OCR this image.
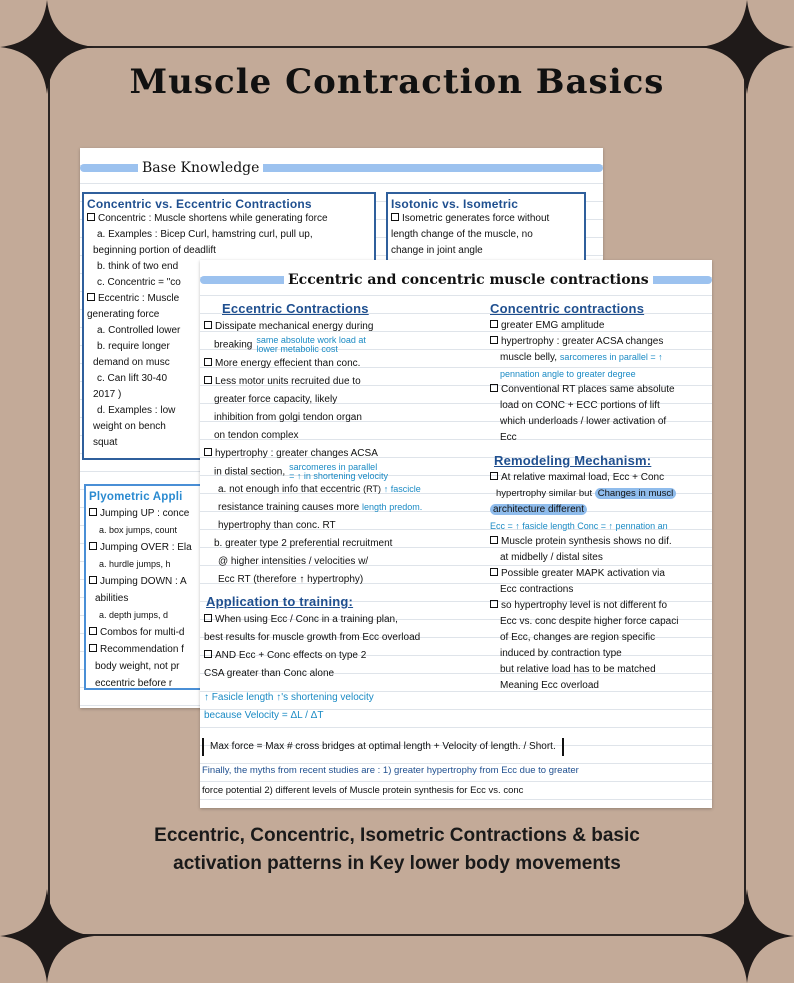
Muscle Contraction Basics
Base Knowledge
Concentric vs. Eccentric Contractions
Concentric : Muscle shortens while generating force
a. Examples : Bicep Curl, hamstring curl, pull up,
beginning portion of deadlift
b. think of two end
c. Concentric = "co
Eccentric : Muscle
generating force
a. Controlled lower
b. require longer
demand on musc
c. Can lift 30-40
2017 )
d. Examples : low
weight on bench
squat
Isotonic vs. Isometric
Isometric generates force without
length change of the muscle, no
change in joint angle
Plyometric Appli
Jumping UP : conce
a. box jumps, count
Jumping OVER : Ela
a. hurdle jumps, h
Jumping DOWN : A
abilities
a. depth jumps, d
Combos for multi-d
Recommendation f
body weight, not pr
eccentric before r
Eccentric and concentric muscle contractions
Eccentric Contractions
Dissipate mechanical energy during
breaking same absolute work load at
lower metabolic cost
More energy effecient than conc.
Less motor units recruited due to
greater force capacity, likely
inhibition from golgi tendon organ
on tendon complex
hypertrophy : greater changes ACSA
in distal section, sarcomeres in parallel
= ↑ in shortening velocity
a. not enough info that eccentric (RT) ↑ fascicle
resistance training causes more length predom.
hypertrophy than conc. RT
b. greater type 2 preferential recruitment
@ higher intensities / velocities w/
Ecc RT (therefore ↑ hypertrophy)
Application to training:
When using Ecc / Conc in a training plan,
best results for muscle growth from Ecc overload
AND Ecc + Conc effects on type 2
CSA greater than Conc alone
↑ Fasicle length ↑'s shortening velocity
because Velocity = ΔL / ΔT
Concentric contractions
greater EMG amplitude
hypertrophy : greater ACSA changes
muscle belly, sarcomeres in parallel = ↑
pennation angle to greater degree
Conventional RT places same absolute
load on CONC + ECC portions of lift
which underloads / lower activation of
Ecc
Remodeling Mechanism:
At relative maximal load, Ecc + Conc
hypertrophy similar but Changes in muscl
architecture different
Ecc = ↑ fasicle length Conc = ↑ pennation an
Muscle protein synthesis shows no dif.
at midbelly / distal sites
Possible greater MAPK activation via
Ecc contractions
so hypertrophy level is not different fo
Ecc vs. conc despite higher force capaci
of Ecc, changes are region specific
induced by contraction type
but relative load has to be matched
Meaning Ecc overload
Max force = Max # cross bridges at optimal length + Velocity of length. / Short.
Finally, the myths from recent studies are : 1) greater hypertrophy from Ecc due to greater
force potential 2) different levels of Muscle protein synthesis for Ecc vs. conc
Eccentric, Concentric, Isometric Contractions & basic
activation patterns in Key lower body movements
